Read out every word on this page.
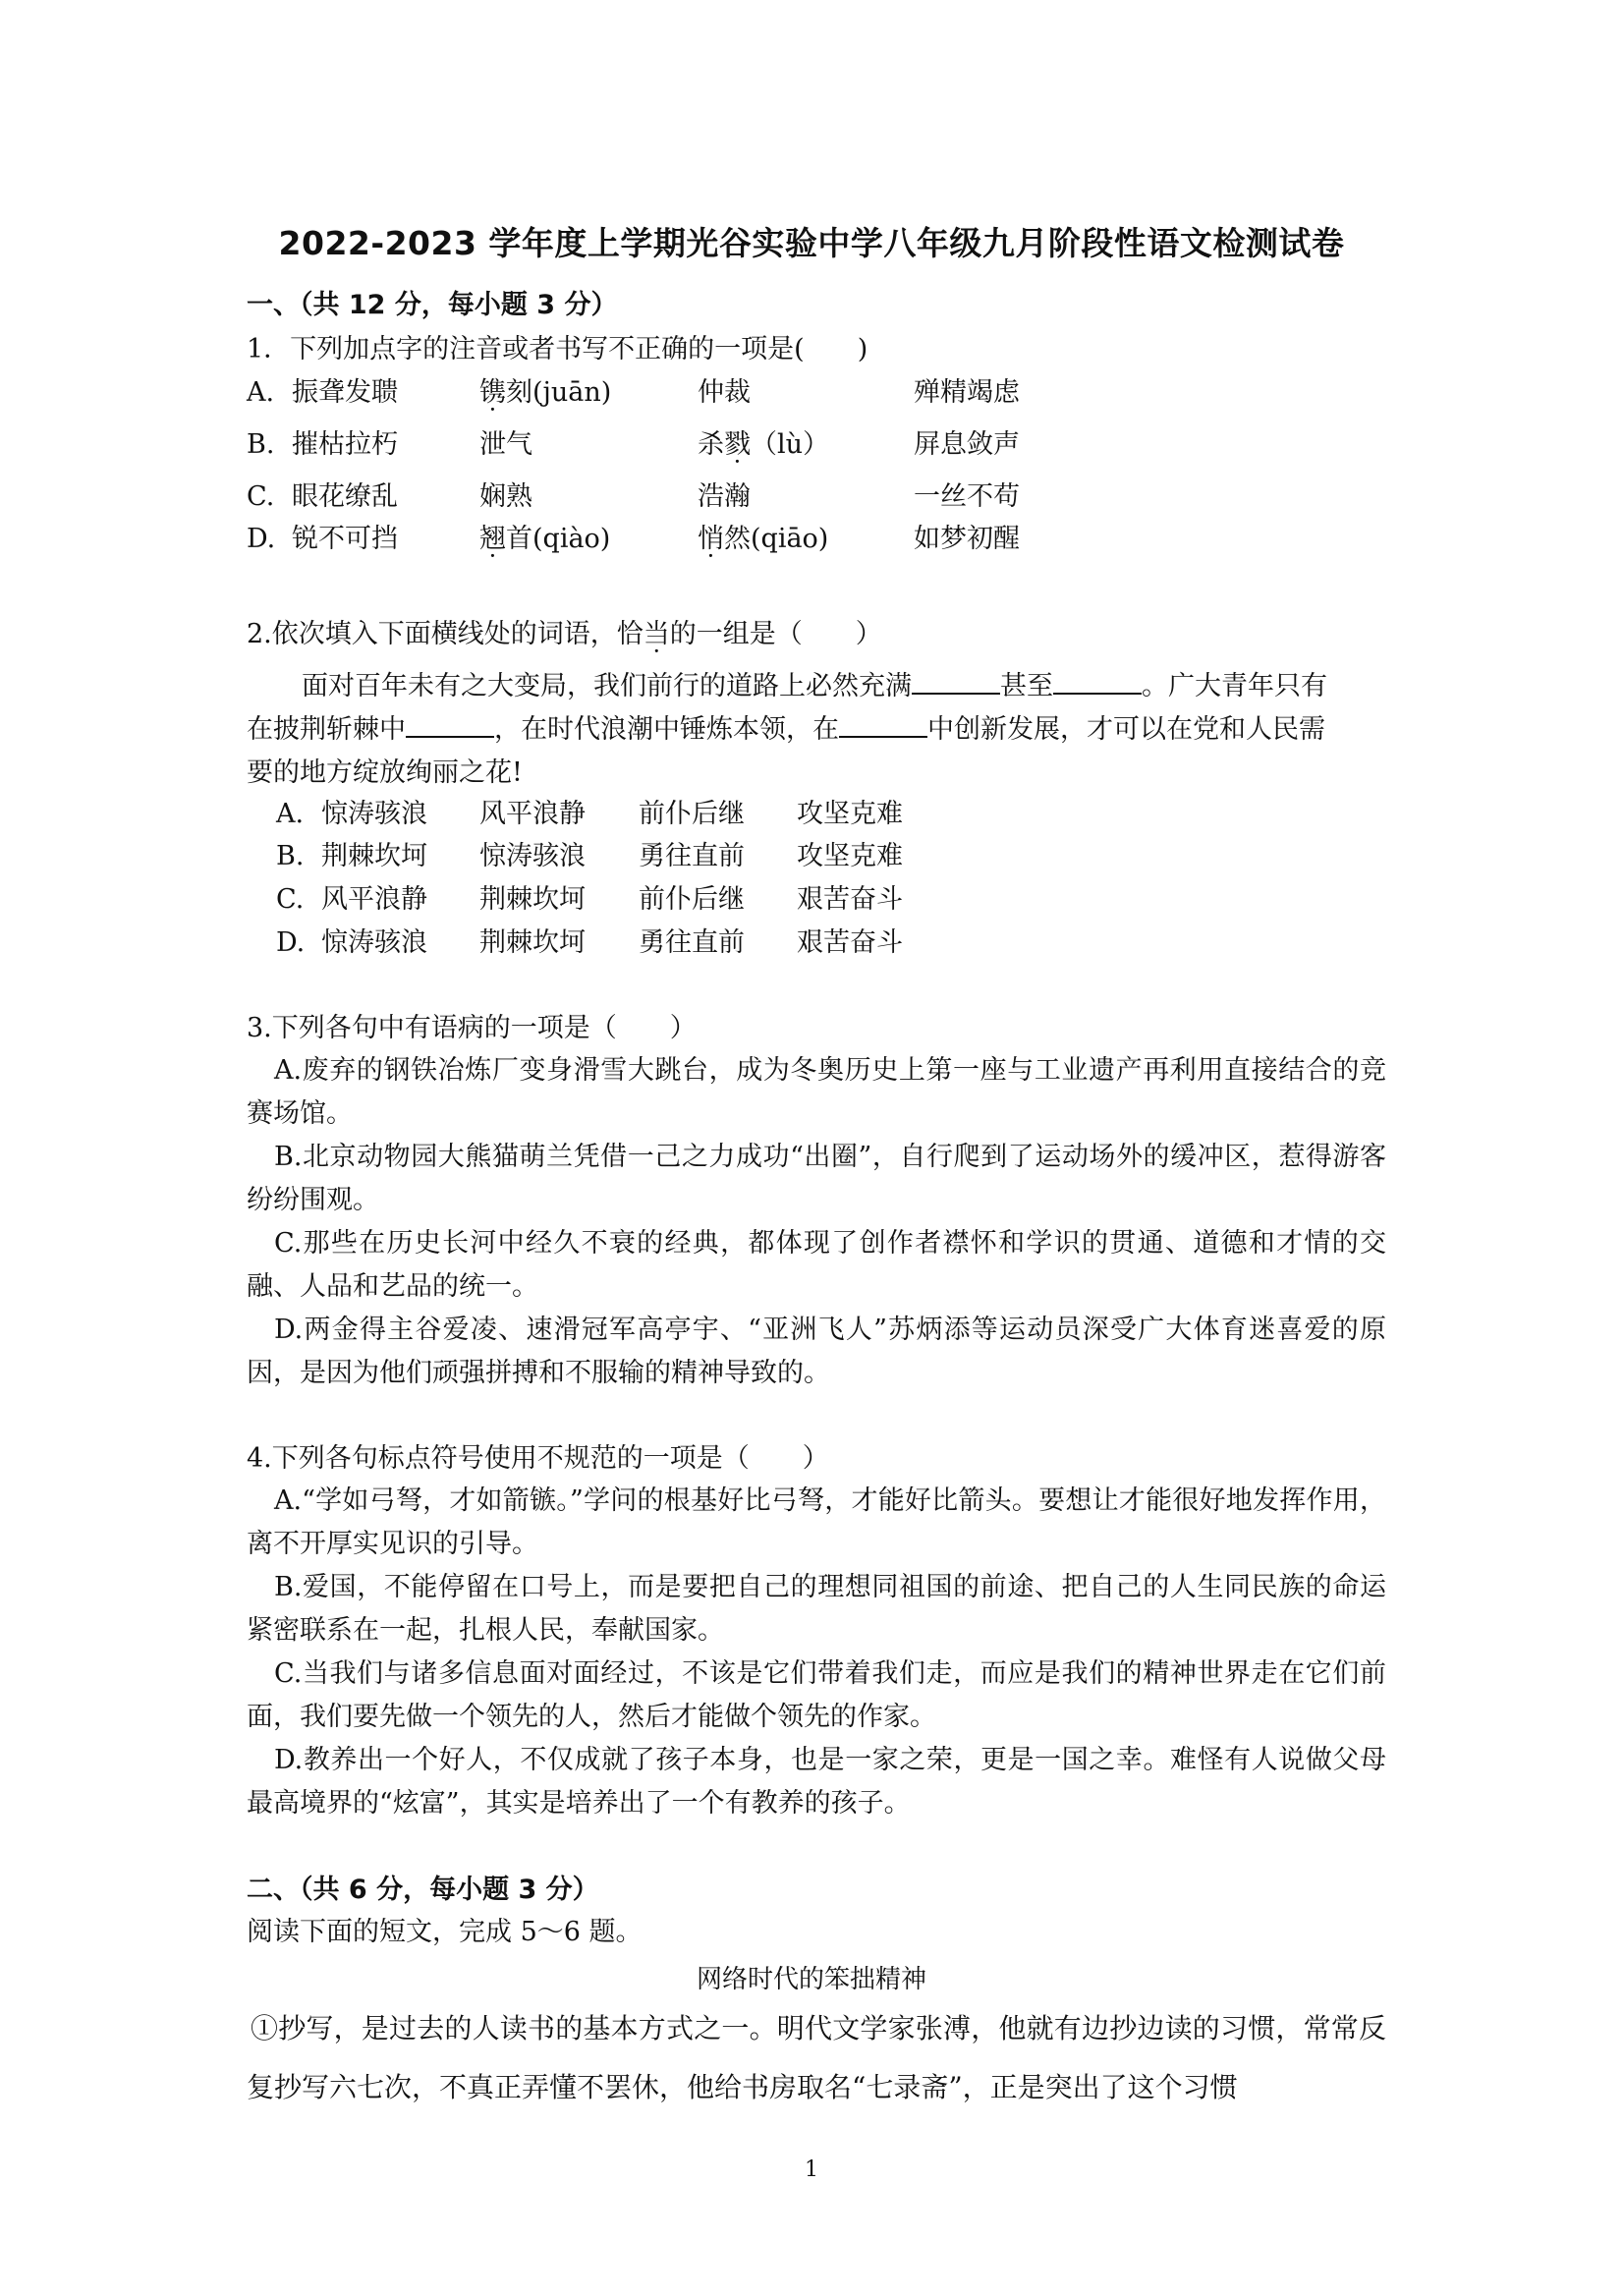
2022-2023 学年度上学期光谷实验中学八年级九月阶段性语文检测试卷
一、（共 12 分，每小题 3 分）
1．下列加点字的注音或者书写不正确的一项是(　　)
A. 振聋发聩	镌刻(juān)	仲裁	殚精竭虑
B. 摧枯拉朽	泄气	杀戮（lù）	屏息敛声
C. 眼花缭乱	娴熟	浩瀚	一丝不苟
D. 锐不可挡	翘首(qiào)	悄然(qiāo)	如梦初醒
2.依次填入下面横线处的词语，恰当的一组是（　　）

面对百年未有之大变局，我们前行的道路上必然充满	甚至	。广大青年只有
在披荆斩棘中	，在时代浪潮中锤炼本领，在	中创新发展，才可以在党和人民需
要的地方绽放绚丽之花!

A. 惊涛骇浪 风平浪静 前仆后继 攻坚克难
B. 荆棘坎坷 惊涛骇浪 勇往直前 攻坚克难
C. 风平浪静 荆棘坎坷 前仆后继 艰苦奋斗
D. 惊涛骇浪 荆棘坎坷 勇往直前 艰苦奋斗
3.下列各句中有语病的一项是（　　）

A.废弃的钢铁冶炼厂变身滑雪大跳台，成为冬奥历史上第一座与工业遗产再利用直接结合的竞赛场馆。

B.北京动物园大熊猫萌兰凭借一己之力成功“出圈”，自行爬到了运动场外的缓冲区，惹得游客纷纷围观。

C.那些在历史长河中经久不衰的经典，都体现了创作者襟怀和学识的贯通、道德和才情的交融、人品和艺品的统一。

D.两金得主谷爱凌、速滑冠军高亭宇、“亚洲飞人”苏炳添等运动员深受广大体育迷喜爱的原因，是因为他们顽强拼搏和不服输的精神导致的。

4.下列各句标点符号使用不规范的一项是（　　）

A.“学如弓弩，才如箭镞。”学问的根基好比弓弩，才能好比箭头。要想让才能很好地发挥作用，离不开厚实见识的引导。

B.爱国，不能停留在口号上，而是要把自己的理想同祖国的前途、把自己的人生同民族的命运紧密联系在一起，扎根人民，奉献国家。

C.当我们与诸多信息面对面经过，不该是它们带着我们走，而应是我们的精神世界走在它们前面，我们要先做一个领先的人，然后才能做个领先的作家。

D.教养出一个好人，不仅成就了孩子本身，也是一家之荣，更是一国之幸。难怪有人说做父母最高境界的“炫富”，其实是培养出了一个有教养的孩子。

二、（共 6 分，每小题 3 分）
阅读下面的短文，完成 5～6 题。
网络时代的笨拙精神

①抄写，是过去的人读书的基本方式之一。明代文学家张溥，他就有边抄边读的习惯，常常反复抄写六七次，不真正弄懂不罢休，他给书房取名“七录斋”，正是突出了这个习惯

1
